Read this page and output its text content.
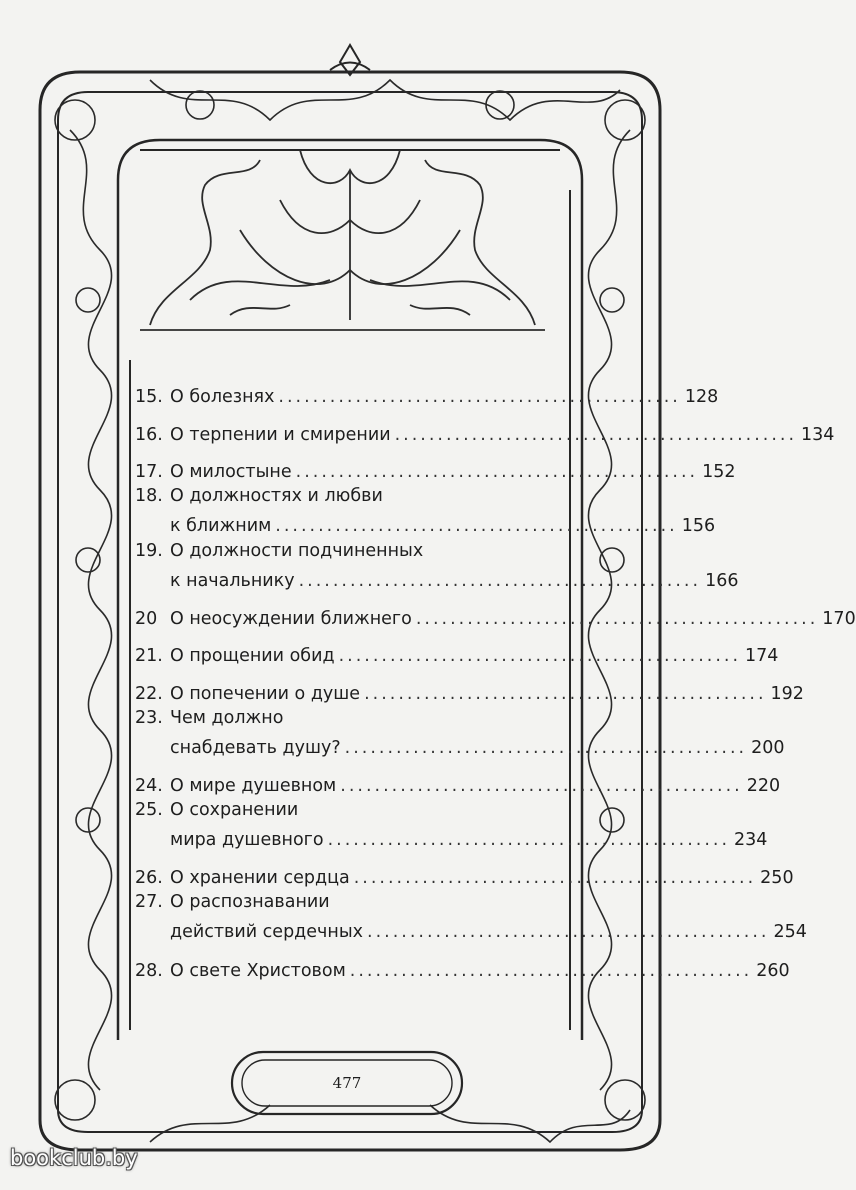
15. О болезнях ............................................... 128
16. О терпении и смирении ............................................... 134
17. О милостыне ............................................... 152
18. О должностях и любви
к ближним ............................................... 156
19. О должности подчиненных
к начальнику ............................................... 166
20 О неосуждении ближнего ............................................... 170
21. О прощении обид ............................................... 174
22. О попечении о душе ............................................... 192
23. Чем должно
снабдевать душу? ............................................... 200
24. О мире душевном ............................................... 220
25. О сохранении
мира душевного ............................................... 234
26. О хранении сердца ............................................... 250
27. О распознавании
действий сердечных ............................................... 254
28. О свете Христовом ............................................... 260
477
bookclub.by
